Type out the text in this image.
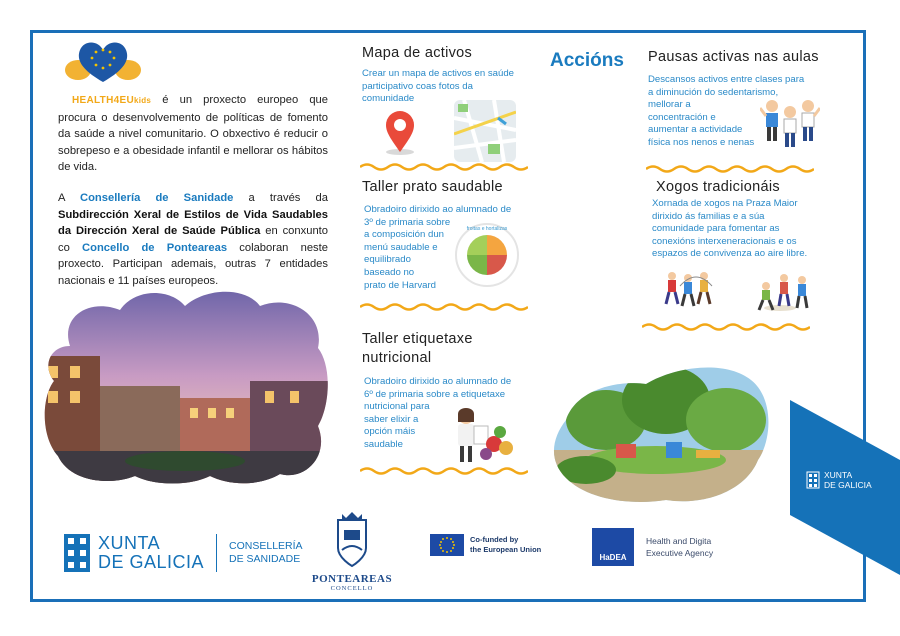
HEALTH4EUkids é un proxecto europeo que procura o desenvolvemento de políticas de fomento da saúde a nivel comunitario. O obxectivo é reducir o sobrepeso e a obesidade infantil e mellorar os hábitos de vida.
A Consellería de Sanidade a través da Subdirección Xeral de Estilos de Vida Saudables da Dirección Xeral de Saúde Pública en conxunto co Concello de Ponteareas colaboran neste proxecto. Participan ademais, outras 7 entidades nacionais e 11 países europeos.
Mapa de activos
Crear un mapa de activos en saúde participativo coas fotos da comunidade
Taller prato saudable
Obradoiro dirixido ao alumnado de
3º de primaria sobre
a composición dun
menú saudable e
equilibrado
baseado no
prato de Harvard
froitas e hortalizas
Taller etiquetaxe
nutricional
Obradoiro dirixido ao alumnado de
6º de primaria sobre a etiquetaxe
nutricional para
saber elixir a
opción máis
saudable
Accións Pausas activas nas aulas
Descansos activos entre clases para
a diminución do sedentarismo,
mellorar a
concentración e
aumentar a actividade
física nos nenos e nenas
Xogos tradicionáis
Xornada de xogos na Praza Maior
dirixido ás familias e a súa
comunidade para fomentar as
conexións interxeneracionais e os
espazos de convivenza ao aire libre.
XUNTA
DE GALICIA
XUNTA
DE GALICIA
CONSELLERÍA
DE SANIDADE
PONTEAREAS
CONCELLO
Co-funded by
the European Union
HaDEA
Health and Digita
Executive Agency
